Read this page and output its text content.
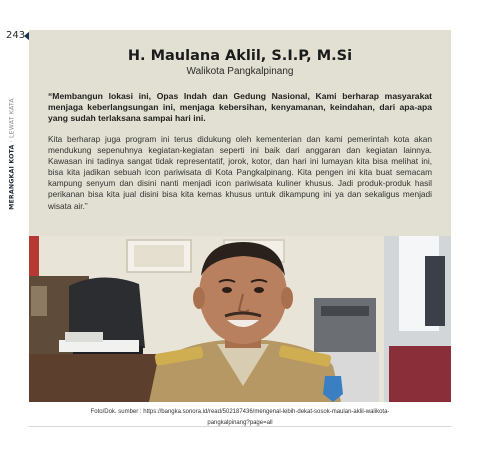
243
MERANGKAI KOTA · LEWAT KATA
H. Maulana Aklil, S.I.P, M.Si
Walikota Pangkalpinang

“Membangun lokasi ini, Opas Indah dan Gedung Nasional, Kami berharap masyarakat menjaga keberlangsungan ini, menjaga kebersihan, kenyamanan, keindahan, dari apa-apa yang sudah terlaksana sampai hari ini.

Kita berharap juga program ini terus didukung oleh kementerian dan kami pemerintah kota akan mendukung sepenuhnya kegiatan-kegiatan seperti ini baik dari anggaran dan kegiatan lainnya. Kawasan ini tadinya sangat tidak representatif, jorok, kotor, dan hari ini lumayan kita bisa melihat ini, bisa kita jadikan sebuah icon pariwisata di Kota Pangkalpinang. Kita pengen ini kita buat semacam kampung senyum dan disini nanti menjadi icon pariwisata kuliner khusus. Jadi produk-produk hasil perikanan bisa kita jual disini bisa kita kemas khusus untuk dikampung ini ya dan sekaligus menjadi wisata air.”

Foto/Dok. sumber : https://bangka.sonora.id/read/502187436/mengenal-lebih-dekat-sosok-maulan-aklil-walikota-
pangkalpinang?page=all
